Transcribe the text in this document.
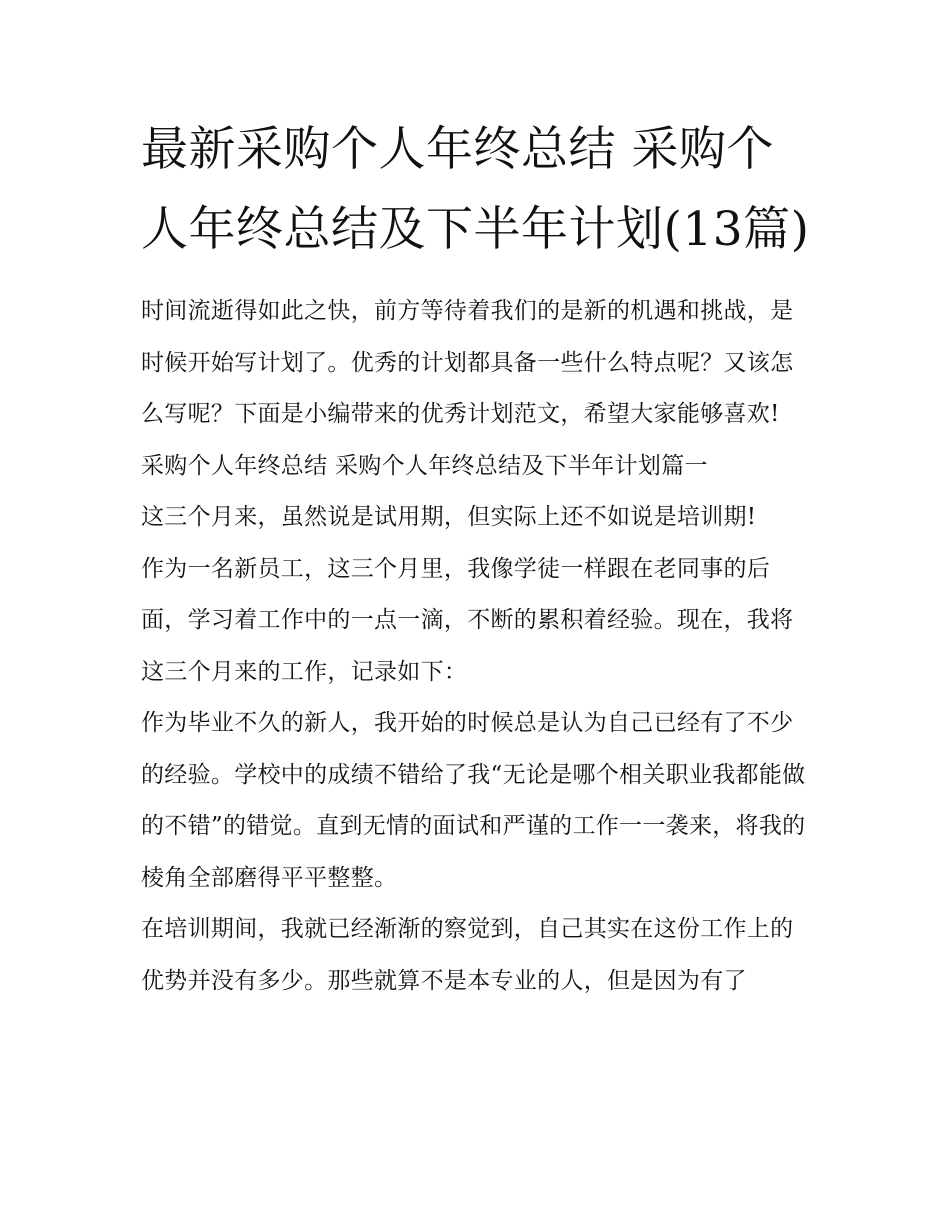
最新采购个人年终总结 采购个人年终总结及下半年计划(13篇)

时间流逝得如此之快，前方等待着我们的是新的机遇和挑战，是时候开始写计划了。优秀的计划都具备一些什么特点呢？又该怎么写呢？下面是小编带来的优秀计划范文，希望大家能够喜欢!

采购个人年终总结 采购个人年终总结及下半年计划篇一

这三个月来，虽然说是试用期，但实际上还不如说是培训期!

作为一名新员工，这三个月里，我像学徒一样跟在老同事的后面，学习着工作中的一点一滴，不断的累积着经验。现在，我将这三个月来的工作，记录如下：

作为毕业不久的新人，我开始的时候总是认为自己已经有了不少的经验。学校中的成绩不错给了我“无论是哪个相关职业我都能做的不错”的错觉。直到无情的面试和严谨的工作一一袭来，将我的棱角全部磨得平平整整。

在培训期间，我就已经渐渐的察觉到，自己其实在这份工作上的优势并没有多少。那些就算不是本专业的人，但是因为有了
